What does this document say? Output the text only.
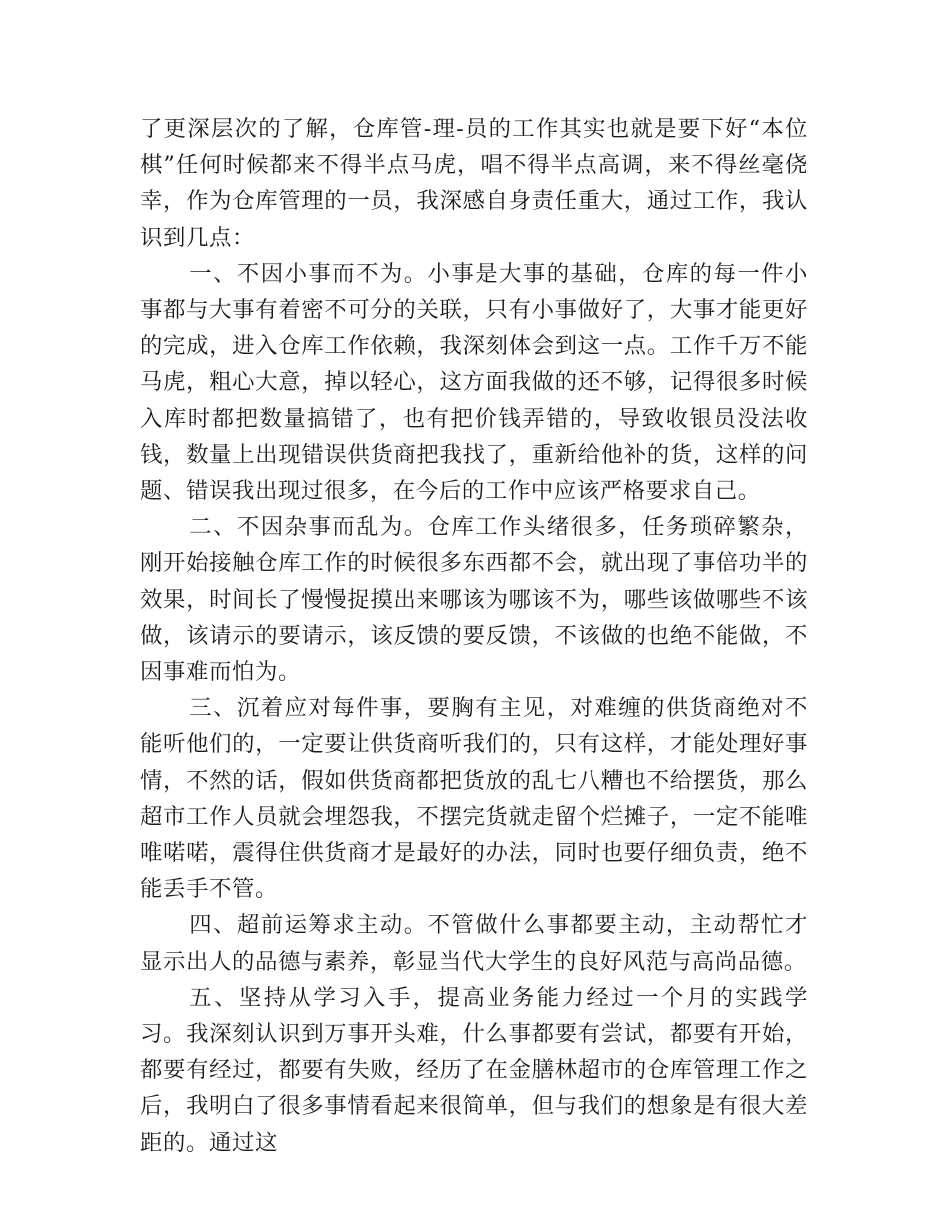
了更深层次的了解，仓库管-理-员的工作其实也就是要下好“本位棋”任何时候都来不得半点马虎，唱不得半点高调，来不得丝毫侥幸，作为仓库管理的一员，我深感自身责任重大，通过工作，我认识到几点：

一、不因小事而不为。小事是大事的基础，仓库的每一件小事都与大事有着密不可分的关联，只有小事做好了，大事才能更好的完成，进入仓库工作依赖，我深刻体会到这一点。工作千万不能马虎，粗心大意，掉以轻心，这方面我做的还不够，记得很多时候入库时都把数量搞错了，也有把价钱弄错的，导致收银员没法收钱，数量上出现错误供货商把我找了，重新给他补的货，这样的问题、错误我出现过很多，在今后的工作中应该严格要求自己。

二、不因杂事而乱为。仓库工作头绪很多，任务琐碎繁杂，刚开始接触仓库工作的时候很多东西都不会，就出现了事倍功半的效果，时间长了慢慢捉摸出来哪该为哪该不为，哪些该做哪些不该做，该请示的要请示，该反馈的要反馈，不该做的也绝不能做，不因事难而怕为。

三、沉着应对每件事，要胸有主见，对难缠的供货商绝对不能听他们的，一定要让供货商听我们的，只有这样，才能处理好事情，不然的话，假如供货商都把货放的乱七八糟也不给摆货，那么超市工作人员就会埋怨我，不摆完货就走留个烂摊子，一定不能唯唯喏喏，震得住供货商才是最好的办法，同时也要仔细负责，绝不能丢手不管。

四、超前运筹求主动。不管做什么事都要主动，主动帮忙才显示出人的品德与素养，彰显当代大学生的良好风范与高尚品德。

五、坚持从学习入手，提高业务能力经过一个月的实践学习。我深刻认识到万事开头难，什么事都要有尝试，都要有开始，都要有经过，都要有失败，经历了在金膳林超市的仓库管理工作之后，我明白了很多事情看起来很简单，但与我们的想象是有很大差距的。通过这
